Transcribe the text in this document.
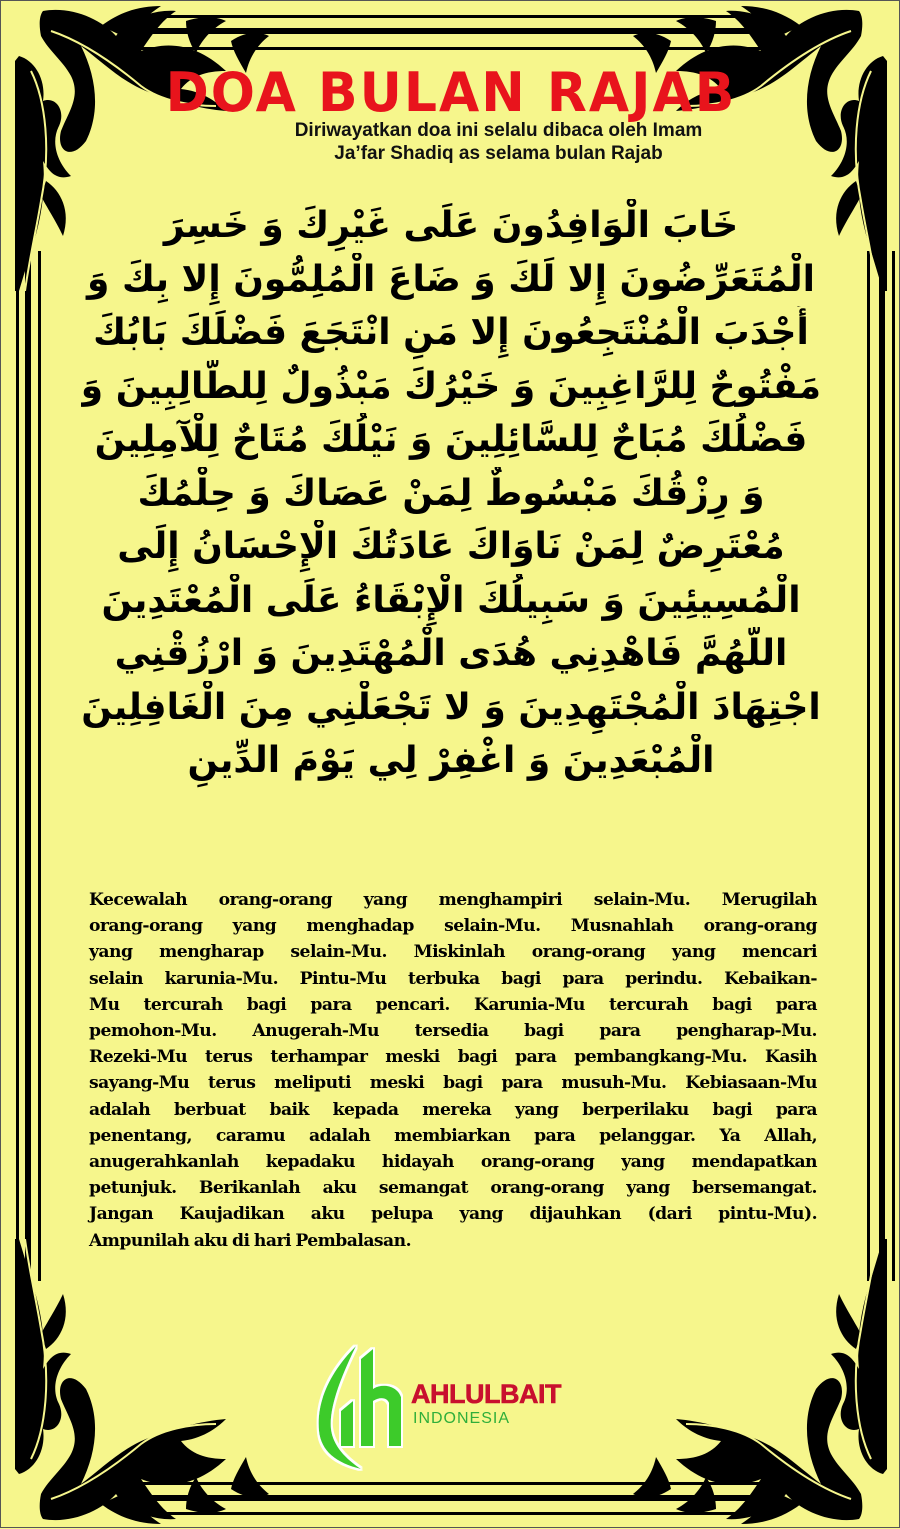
DOA BULAN RAJAB
Diriwayatkan doa ini selalu dibaca oleh Imam
Ja’far Shadiq as selama bulan Rajab
خَابَ الْوَافِدُونَ عَلَى غَيْرِكَ وَ خَسِرَ
الْمُتَعَرِّضُونَ إِلا لَكَ وَ ضَاعَ الْمُلِمُّونَ إِلا بِكَ وَ
أَجْدَبَ الْمُنْتَجِعُونَ إِلا مَنِ انْتَجَعَ فَضْلَكَ بَابُكَ
مَفْتُوحٌ لِلرَّاغِبِينَ وَ خَيْرُكَ مَبْذُولٌ لِلطَّالِبِينَ وَ
فَضْلُكَ مُبَاحٌ لِلسَّائِلِينَ وَ نَيْلُكَ مُتَاحٌ لِلْآمِلِينَ
وَ رِزْقُكَ مَبْسُوطٌ لِمَنْ عَصَاكَ وَ حِلْمُكَ
مُعْتَرِضٌ لِمَنْ نَاوَاكَ عَادَتُكَ الْإِحْسَانُ إِلَى
الْمُسِيئِينَ وَ سَبِيلُكَ الْإِبْقَاءُ عَلَى الْمُعْتَدِينَ
اللَّهُمَّ فَاهْدِنِي هُدَى الْمُهْتَدِينَ وَ ارْزُقْنِي
اجْتِهَادَ الْمُجْتَهِدِينَ وَ لا تَجْعَلْنِي مِنَ الْغَافِلِينَ
الْمُبْعَدِينَ وَ اغْفِرْ لِي يَوْمَ الدِّينِ
Kecewalah orang-orang yang menghampiri selain-Mu. Merugilah
orang-orang yang menghadap selain-Mu. Musnahlah orang-orang
yang mengharap selain-Mu. Miskinlah orang-orang yang mencari
selain karunia-Mu. Pintu-Mu terbuka bagi para perindu. Kebaikan-
Mu tercurah bagi para pencari. Karunia-Mu tercurah bagi para
pemohon-Mu. Anugerah-Mu tersedia bagi para pengharap-Mu.
Rezeki-Mu terus terhampar meski bagi para pembangkang-Mu. Kasih
sayang-Mu terus meliputi meski bagi para musuh-Mu. Kebiasaan-Mu
adalah berbuat baik kepada mereka yang berperilaku bagi para
penentang, caramu adalah membiarkan para pelanggar. Ya Allah,
anugerahkanlah kepadaku hidayah orang-orang yang mendapatkan
petunjuk. Berikanlah aku semangat orang-orang yang bersemangat.
Jangan Kaujadikan aku pelupa yang dijauhkan (dari pintu-Mu).
Ampunilah aku di hari Pembalasan.
AHLULBAIT
INDONESIA
